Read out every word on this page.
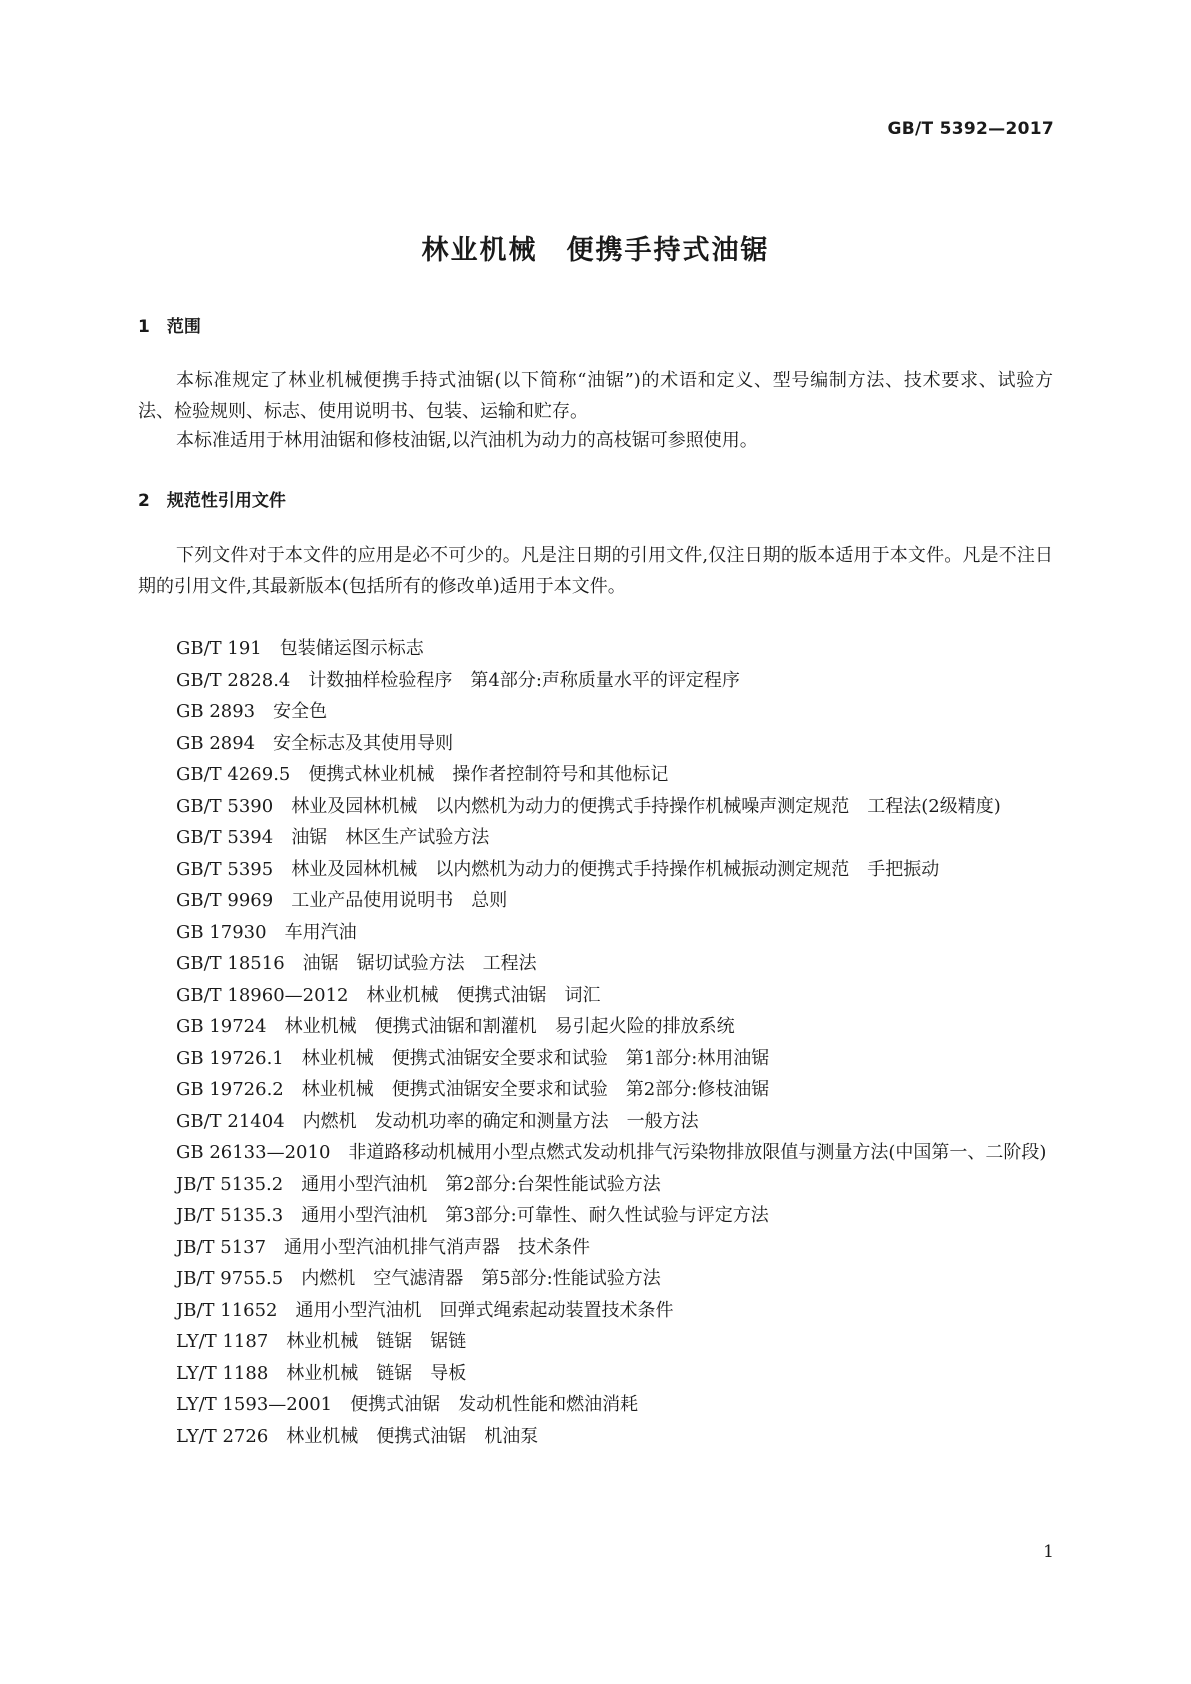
GB/T 5392—2017
林业机械　便携手持式油锯
1　范围

本标准规定了林业机械便携手持式油锯(以下简称“油锯”)的术语和定义、型号编制方法、技术要求、试验方法、检验规则、标志、使用说明书、包装、运输和贮存。

本标准适用于林用油锯和修枝油锯,以汽油机为动力的高枝锯可参照使用。

2　规范性引用文件

下列文件对于本文件的应用是必不可少的。凡是注日期的引用文件,仅注日期的版本适用于本文件。凡是不注日期的引用文件,其最新版本(包括所有的修改单)适用于本文件。

GB/T 191　 包装储运图示标志
GB/T 2828.4　 计数抽样检验程序　第4部分:声称质量水平的评定程序
GB 2893　 安全色
GB 2894　 安全标志及其使用导则
GB/T 4269.5　 便携式林业机械　操作者控制符号和其他标记
GB/T 5390　 林业及园林机械　以内燃机为动力的便携式手持操作机械噪声测定规范　工程法(2级精度)
GB/T 5394　 油锯　林区生产试验方法
GB/T 5395　 林业及园林机械　以内燃机为动力的便携式手持操作机械振动测定规范　手把振动
GB/T 9969　 工业产品使用说明书　总则
GB 17930　 车用汽油
GB/T 18516　 油锯　锯切试验方法　工程法
GB/T 18960—2012　 林业机械　便携式油锯　词汇
GB 19724　 林业机械　便携式油锯和割灌机　易引起火险的排放系统
GB 19726.1　 林业机械　便携式油锯安全要求和试验　第1部分:林用油锯
GB 19726.2　 林业机械　便携式油锯安全要求和试验　第2部分:修枝油锯
GB/T 21404　 内燃机　发动机功率的确定和测量方法　一般方法
GB 26133—2010　 非道路移动机械用小型点燃式发动机排气污染物排放限值与测量方法(中国第一、二阶段)
JB/T 5135.2　 通用小型汽油机　第2部分:台架性能试验方法
JB/T 5135.3　 通用小型汽油机　第3部分:可靠性、耐久性试验与评定方法
JB/T 5137　 通用小型汽油机排气消声器　技术条件
JB/T 9755.5　 内燃机　空气滤清器　第5部分:性能试验方法
JB/T 11652　 通用小型汽油机　回弹式绳索起动装置技术条件
LY/T 1187　 林业机械　链锯　锯链
LY/T 1188　 林业机械　链锯　导板
LY/T 1593—2001　 便携式油锯　发动机性能和燃油消耗
LY/T 2726　 林业机械　便携式油锯　机油泵
1
